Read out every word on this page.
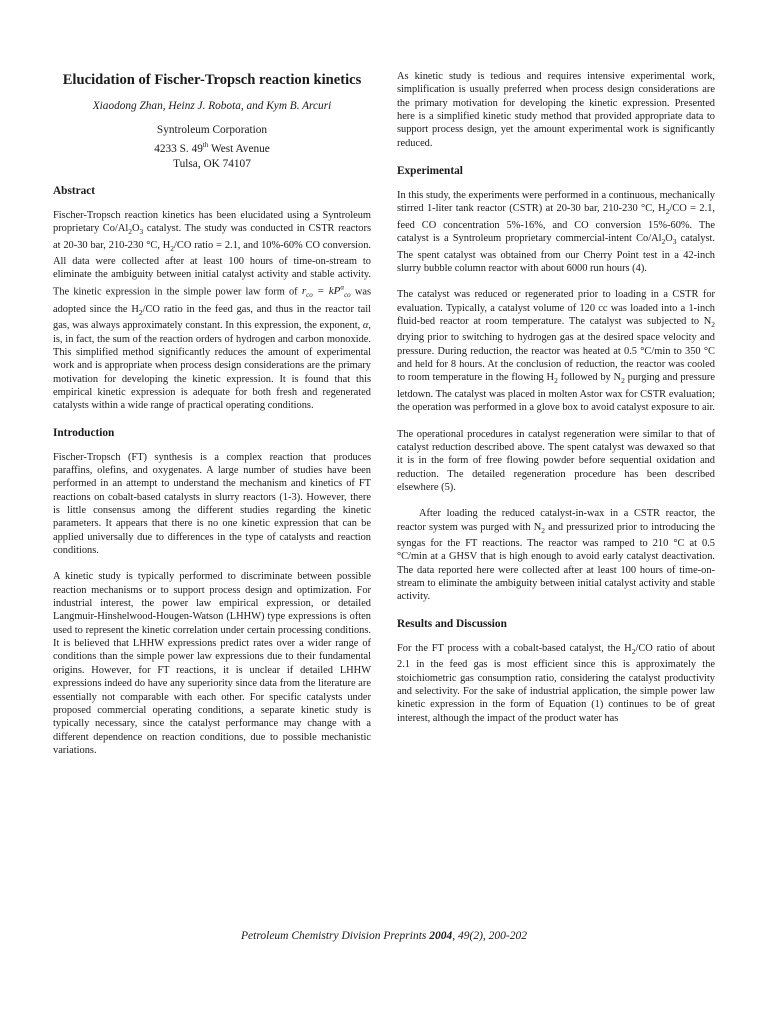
Elucidation of Fischer-Tropsch reaction kinetics
Xiaodong Zhan, Heinz J. Robota, and Kym B. Arcuri
Syntroleum Corporation
4233 S. 49th West Avenue
Tulsa, OK 74107
Abstract
Fischer-Tropsch reaction kinetics has been elucidated using a Syntroleum proprietary $Co/Al_2O_3$ catalyst. The study was conducted in CSTR reactors at 20-30 bar, 210-230 °C, $H_2/CO$ ratio = 2.1, and 10%-60% CO conversion. All data were collected after at least 100 hours of time-on-stream to eliminate the ambiguity between initial catalyst activity and stable activity. The kinetic expression in the simple power law form of $r_{co} = kP^\alpha_{co}$ was adopted since the $H_2/CO$ ratio in the feed gas, and thus in the reactor tail gas, was always approximately constant. In this expression, the exponent, α, is, in fact, the sum of the reaction orders of hydrogen and carbon monoxide. This simplified method significantly reduces the amount of experimental work and is appropriate when process design considerations are the primary motivation for developing the kinetic expression. It is found that this empirical kinetic expression is adequate for both fresh and regenerated catalysts within a wide range of practical operating conditions.
Introduction
Fischer-Tropsch (FT) synthesis is a complex reaction that produces paraffins, olefins, and oxygenates. A large number of studies have been performed in an attempt to understand the mechanism and kinetics of FT reactions on cobalt-based catalysts in slurry reactors (1-3). However, there is little consensus among the different studies regarding the kinetic parameters. It appears that there is no one kinetic expression that can be applied universally due to differences in the type of catalysts and reaction conditions.
A kinetic study is typically performed to discriminate between possible reaction mechanisms or to support process design and optimization. For industrial interest, the power law empirical expression, or detailed Langmuir-Hinshelwood-Hougen-Watson (LHHW) type expressions is often used to represent the kinetic correlation under certain processing conditions. It is believed that LHHW expressions predict rates over a wider range of conditions than the simple power law expressions due to their fundamental origins. However, for FT reactions, it is unclear if detailed LHHW expressions indeed do have any superiority since data from the literature are essentially not comparable with each other. For specific catalysts under proposed commercial operating conditions, a separate kinetic study is typically necessary, since the catalyst performance may change with a different dependence on reaction conditions, due to possible mechanistic variations.
As kinetic study is tedious and requires intensive experimental work, simplification is usually preferred when process design considerations are the primary motivation for developing the kinetic expression. Presented here is a simplified kinetic study method that provided appropriate data to support process design, yet the amount experimental work is significantly reduced.
Experimental
In this study, the experiments were performed in a continuous, mechanically stirred 1-liter tank reactor (CSTR) at 20-30 bar, 210-230 °C, $H_2/CO = 2.1$, feed CO concentration 5%-16%, and CO conversion 15%-60%. The catalyst is a Syntroleum proprietary commercial-intent $Co/Al_2O_3$ catalyst. The spent catalyst was obtained from our Cherry Point test in a 42-inch slurry bubble column reactor with about 6000 run hours (4).
The catalyst was reduced or regenerated prior to loading in a CSTR for evaluation. Typically, a catalyst volume of 120 cc was loaded into a 1-inch fluid-bed reactor at room temperature. The catalyst was subjected to $N_2$ drying prior to switching to hydrogen gas at the desired space velocity and pressure. During reduction, the reactor was heated at 0.5 °C/min to 350 °C and held for 8 hours. At the conclusion of reduction, the reactor was cooled to room temperature in the flowing $H_2$ followed by $N_2$ purging and pressure letdown. The catalyst was placed in molten Astor wax for CSTR evaluation; the operation was performed in a glove box to avoid catalyst exposure to air.
The operational procedures in catalyst regeneration were similar to that of catalyst reduction described above. The spent catalyst was dewaxed so that it is in the form of free flowing powder before sequential oxidation and reduction. The detailed regeneration procedure has been described elsewhere (5).
After loading the reduced catalyst-in-wax in a CSTR reactor, the reactor system was purged with $N_2$ and pressurized prior to introducing the syngas for the FT reactions. The reactor was ramped to 210 °C at 0.5 °C/min at a GHSV that is high enough to avoid early catalyst deactivation. The data reported here were collected after at least 100 hours of time-on-stream to eliminate the ambiguity between initial catalyst activity and stable activity.
Results and Discussion
For the FT process with a cobalt-based catalyst, the $H_2/CO$ ratio of about 2.1 in the feed gas is most efficient since this is approximately the stoichiometric gas consumption ratio, considering the catalyst productivity and selectivity. For the sake of industrial application, the simple power law kinetic expression in the form of Equation (1) continues to be of great interest, although the impact of the product water has
Petroleum Chemistry Division Preprints 2004, 49(2), 200-202
